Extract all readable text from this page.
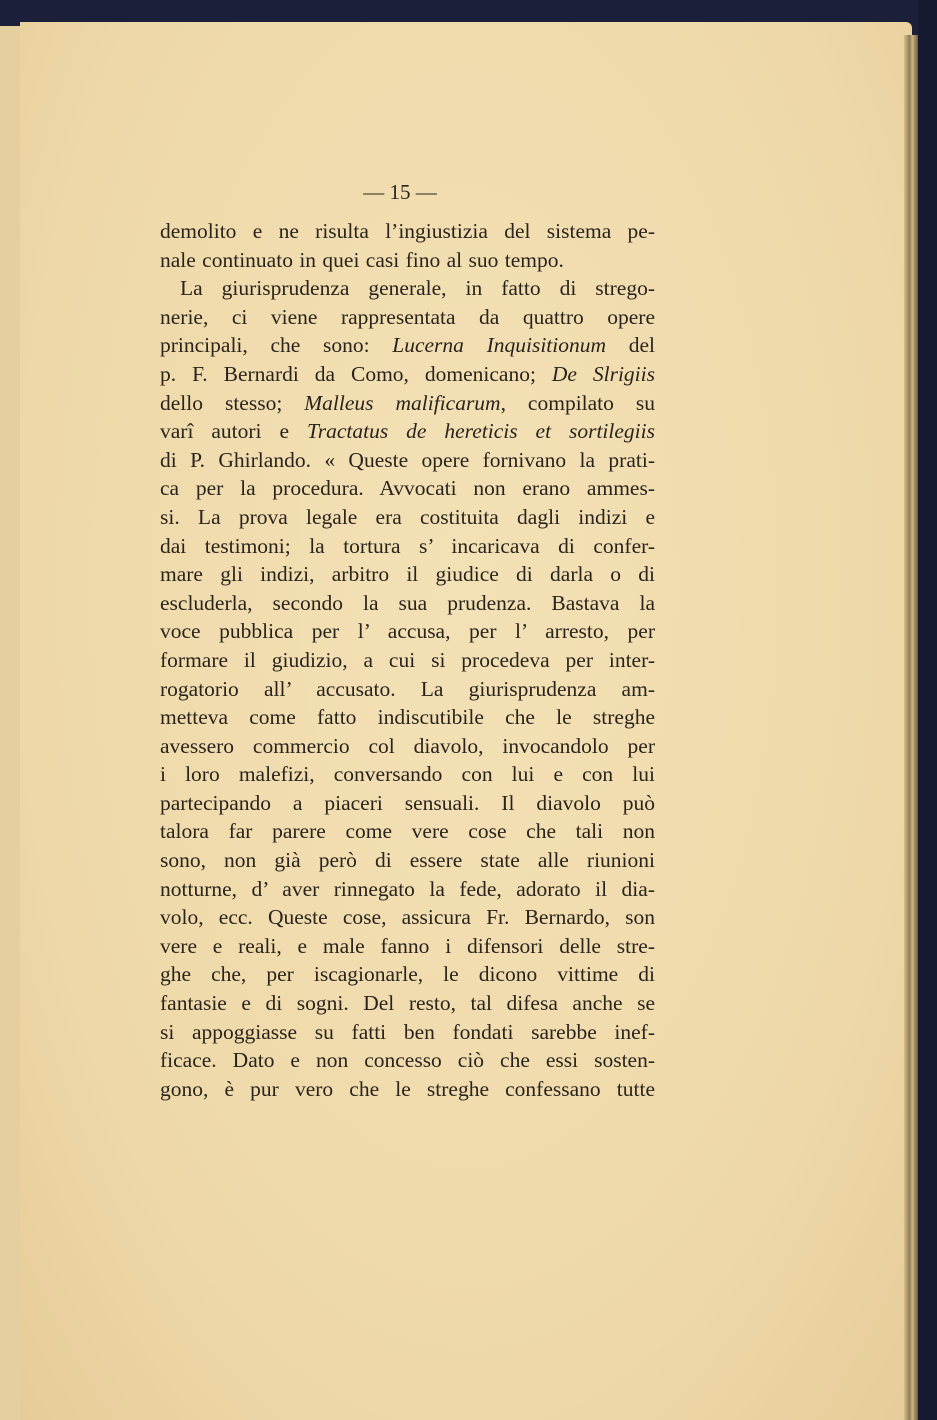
— 15 —
demolito e ne risulta l’ingiustizia del sistema pe-
nale continuato in quei casi fino al suo tempo.
La giurisprudenza generale, in fatto di strego-
nerie, ci viene rappresentata da quattro opere
principali, che sono: Lucerna Inquisitionum del
p. F. Bernardi da Como, domenicano; De Slrigiis
dello stesso; Malleus malificarum, compilato su
varî autori e Tractatus de hereticis et sortilegiis
di P. Ghirlando. « Queste opere fornivano la prati-
ca per la procedura. Avvocati non erano ammes-
si. La prova legale era costituita dagli indizi e
dai testimoni; la tortura s’ incaricava di confer-
mare gli indizi, arbitro il giudice di darla o di
escluderla, secondo la sua prudenza. Bastava la
voce pubblica per l’ accusa, per l’ arresto, per
formare il giudizio, a cui si procedeva per inter-
rogatorio all’ accusato. La giurisprudenza am-
metteva come fatto indiscutibile che le streghe
avessero commercio col diavolo, invocandolo per
i loro malefizi, conversando con lui e con lui
partecipando a piaceri sensuali. Il diavolo può
talora far parere come vere cose che tali non
sono, non già però di essere state alle riunioni
notturne, d’ aver rinnegato la fede, adorato il dia-
volo, ecc. Queste cose, assicura Fr. Bernardo, son
vere e reali, e male fanno i difensori delle stre-
ghe che, per iscagionarle, le dicono vittime di
fantasie e di sogni. Del resto, tal difesa anche se
si appoggiasse su fatti ben fondati sarebbe inef-
ficace. Dato e non concesso ciò che essi sosten-
gono, è pur vero che le streghe confessano tutte
